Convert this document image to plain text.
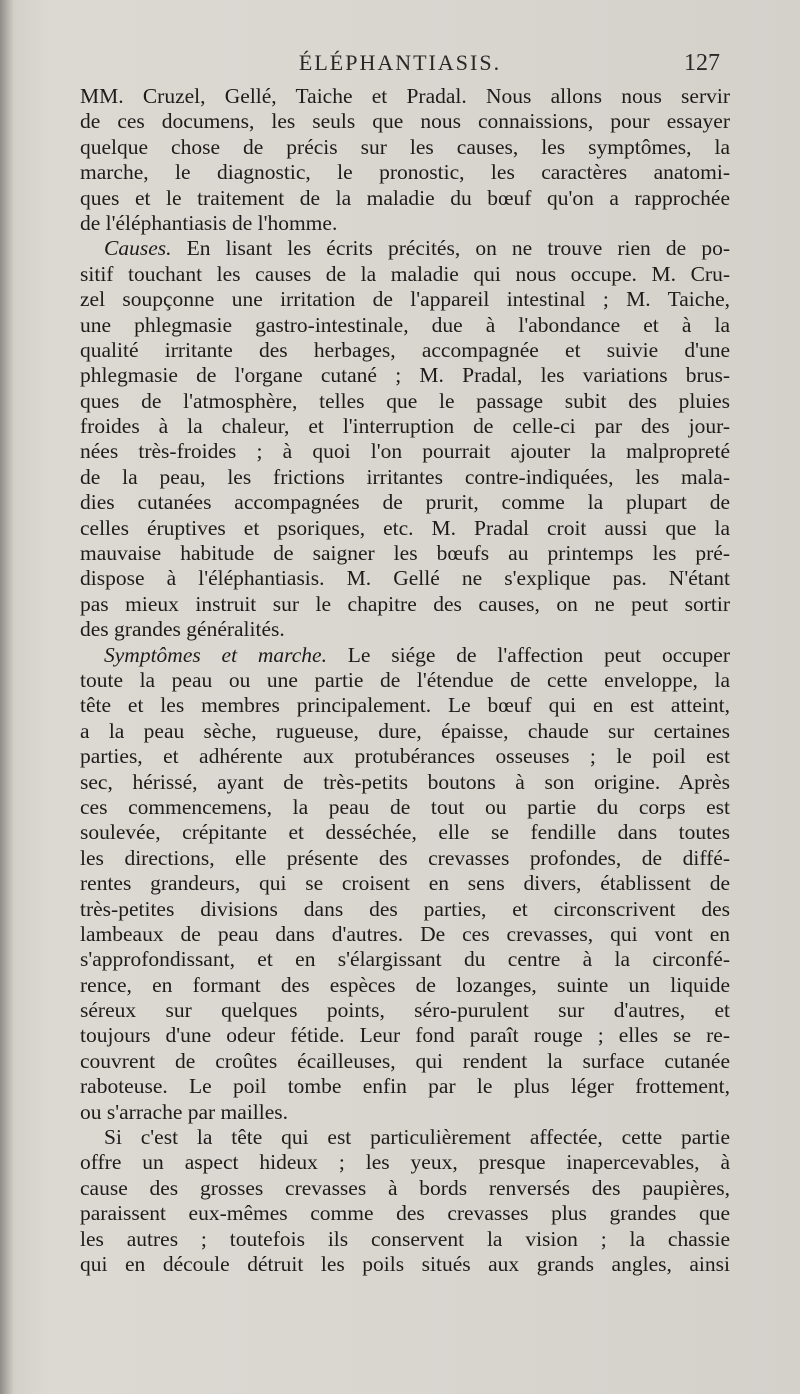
ÉLÉPHANTIASIS.	127
MM. Cruzel, Gellé, Taiche et Pradal. Nous allons nous servir
de ces documens, les seuls que nous connaissions, pour essayer
quelque chose de précis sur les causes, les symptômes, la
marche, le diagnostic, le pronostic, les caractères anatomi-
ques et le traitement de la maladie du bœuf qu'on a rapprochée
de l'éléphantiasis de l'homme.
Causes. En lisant les écrits précités, on ne trouve rien de po-
sitif touchant les causes de la maladie qui nous occupe. M. Cru-
zel soupçonne une irritation de l'appareil intestinal ; M. Taiche,
une phlegmasie gastro-intestinale, due à l'abondance et à la
qualité irritante des herbages, accompagnée et suivie d'une
phlegmasie de l'organe cutané ; M. Pradal, les variations brus-
ques de l'atmosphère, telles que le passage subit des pluies
froides à la chaleur, et l'interruption de celle-ci par des jour-
nées très-froides ; à quoi l'on pourrait ajouter la malpropreté
de la peau, les frictions irritantes contre-indiquées, les mala-
dies cutanées accompagnées de prurit, comme la plupart de
celles éruptives et psoriques, etc. M. Pradal croit aussi que la
mauvaise habitude de saigner les bœufs au printemps les pré-
dispose à l'éléphantiasis. M. Gellé ne s'explique pas. N'étant
pas mieux instruit sur le chapitre des causes, on ne peut sortir
des grandes généralités.
Symptômes et marche. Le siége de l'affection peut occuper
toute la peau ou une partie de l'étendue de cette enveloppe, la
tête et les membres principalement. Le bœuf qui en est atteint,
a la peau sèche, rugueuse, dure, épaisse, chaude sur certaines
parties, et adhérente aux protubérances osseuses ; le poil est
sec, hérissé, ayant de très-petits boutons à son origine. Après
ces commencemens, la peau de tout ou partie du corps est
soulevée, crépitante et desséchée, elle se fendille dans toutes
les directions, elle présente des crevasses profondes, de diffé-
rentes grandeurs, qui se croisent en sens divers, établissent de
très-petites divisions dans des parties, et circonscrivent des
lambeaux de peau dans d'autres. De ces crevasses, qui vont en
s'approfondissant, et en s'élargissant du centre à la circonfé-
rence, en formant des espèces de lozanges, suinte un liquide
séreux sur quelques points, séro-purulent sur d'autres, et
toujours d'une odeur fétide. Leur fond paraît rouge ; elles se re-
couvrent de croûtes écailleuses, qui rendent la surface cutanée
raboteuse. Le poil tombe enfin par le plus léger frottement,
ou s'arrache par mailles.
Si c'est la tête qui est particulièrement affectée, cette partie
offre un aspect hideux ; les yeux, presque inapercevables, à
cause des grosses crevasses à bords renversés des paupières,
paraissent eux-mêmes comme des crevasses plus grandes que
les autres ; toutefois ils conservent la vision ; la chassie
qui en découle détruit les poils situés aux grands angles, ainsi
